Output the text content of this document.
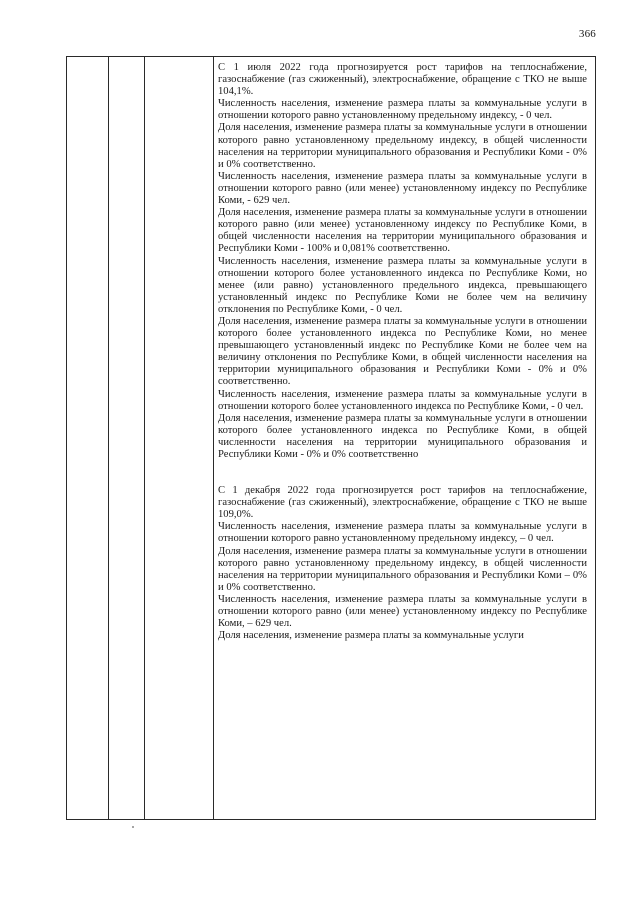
366

С 1 июля 2022 года прогнозируется рост тарифов на теплоснабжение, газоснабжение (газ сжиженный), электроснабжение, обращение с ТКО не выше 104,1%.

Численность населения, изменение размера платы за коммунальные услуги в отношении которого равно установленному предельному индексу, - 0 чел.

Доля населения, изменение размера платы за коммунальные услуги в отношении которого равно установленному предельному индексу, в общей численности населения на территории муниципального образования и Республики Коми - 0% и 0% соответственно.

Численность населения, изменение размера платы за коммунальные услуги в отношении которого равно (или менее) установленному индексу по Республике Коми, - 629 чел.

Доля населения, изменение размера платы за коммунальные услуги в отношении которого равно (или менее) установленному индексу по Республике Коми, в общей численности населения на территории муниципального образования и Республики Коми - 100% и 0,081% соответственно.

Численность населения, изменение размера платы за коммунальные услуги в отношении которого более установленного индекса по Республике Коми, но менее (или равно) установленного предельного индекса, превышающего установленный индекс по Республике Коми не более чем на величину отклонения по Республике Коми, - 0 чел.

Доля населения, изменение размера платы за коммунальные услуги в отношении которого более установленного индекса по Республике Коми, но менее превышающего установленный индекс по Республике Коми не более чем на величину отклонения по Республике Коми, в общей численности населения на территории муниципального образования и Республики Коми - 0% и 0% соответственно.

Численность населения, изменение размера платы за коммунальные услуги в отношении которого более установленного индекса по Республике Коми, - 0 чел.

Доля населения, изменение размера платы за коммунальные услуги в отношении которого более установленного индекса по Республике Коми, в общей численности населения на территории муниципального образования и Республики Коми - 0% и 0% соответственно

С 1 декабря 2022 года прогнозируется рост тарифов на теплоснабжение, газоснабжение (газ сжиженный), электроснабжение, обращение с ТКО не выше 109,0%.

Численность населения, изменение размера платы за коммунальные услуги в отношении которого равно установленному предельному индексу, – 0 чел.

Доля населения, изменение размера платы за коммунальные услуги в отношении которого равно установленному предельному индексу, в общей численности населения на территории муниципального образования и Республики Коми – 0% и 0% соответственно.

Численность населения, изменение размера платы за коммунальные услуги в отношении которого равно (или менее) установленному индексу по Республике Коми, – 629 чел.

Доля населения, изменение размера платы за коммунальные услуги
